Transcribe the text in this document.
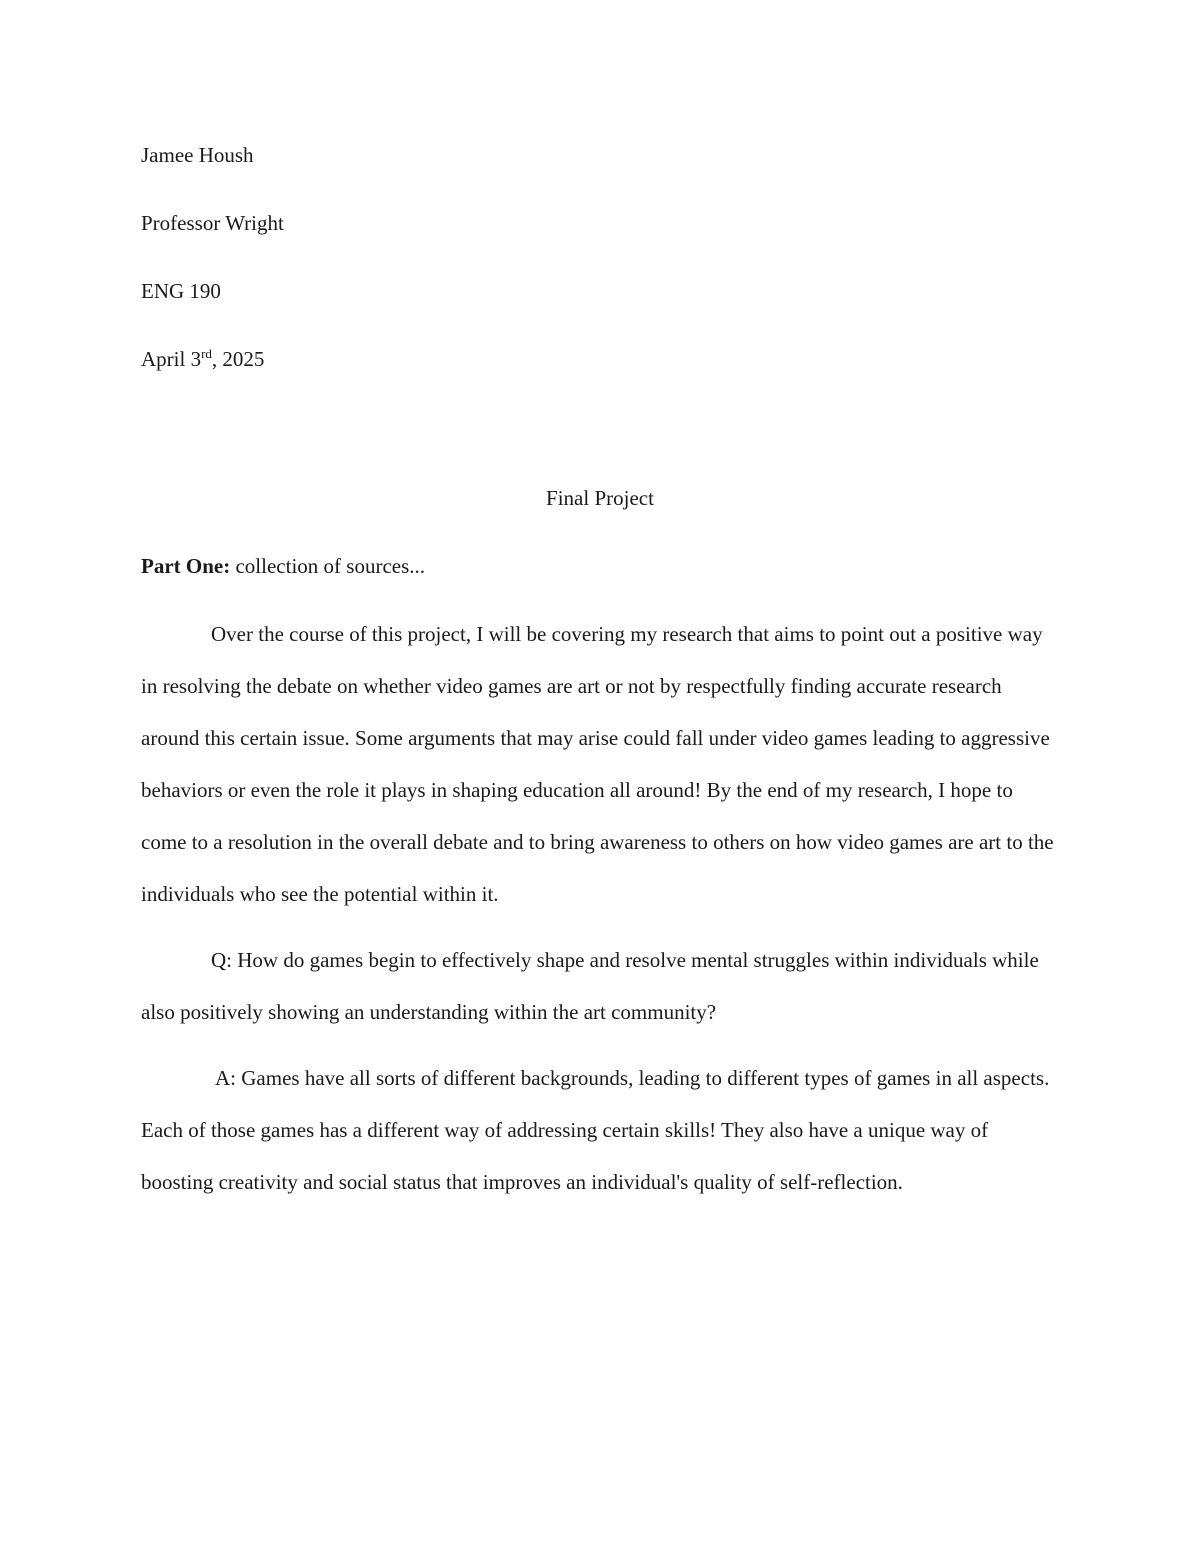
Jamee Housh

Professor Wright

ENG 190

April 3rd, 2025

Final Project

Part One: collection of sources...

Over the course of this project, I will be covering my research that aims to point out a positive way in resolving the debate on whether video games are art or not by respectfully finding accurate research around this certain issue. Some arguments that may arise could fall under video games leading to aggressive behaviors or even the role it plays in shaping education all around! By the end of my research, I hope to come to a resolution in the overall debate and to bring awareness to others on how video games are art to the individuals who see the potential within it.

Q: How do games begin to effectively shape and resolve mental struggles within individuals while also positively showing an understanding within the art community?

A: Games have all sorts of different backgrounds, leading to different types of games in all aspects. Each of those games has a different way of addressing certain skills! They also have a unique way of boosting creativity and social status that improves an individual's quality of self-reflection.
